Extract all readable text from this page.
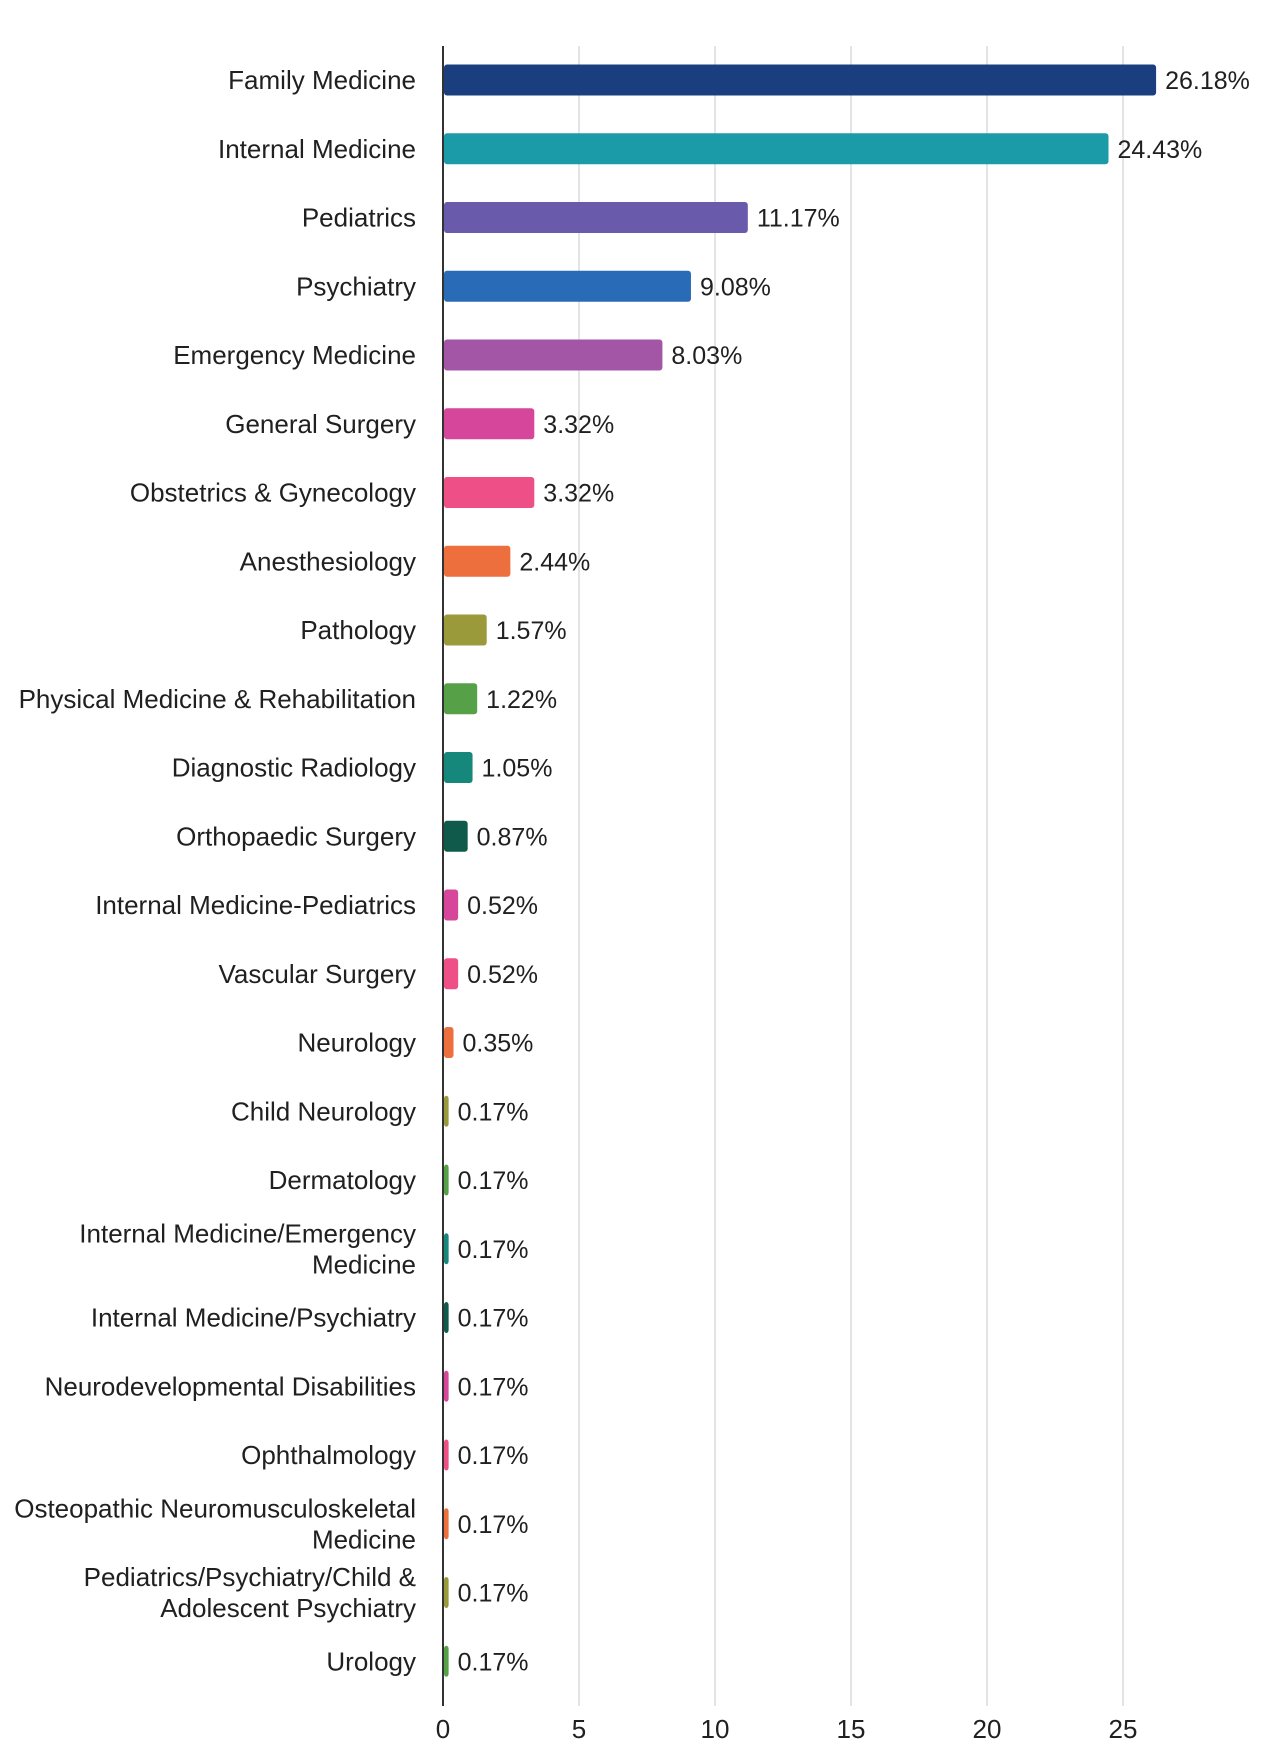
Family Medicine
Internal Medicine
Pediatrics
Psychiatry
Emergency Medicine
General Surgery
Obstetrics & Gynecology
Anesthesiology
Pathology
Physical Medicine & Rehabilitation
Diagnostic Radiology
Orthopaedic Surgery
Internal Medicine-Pediatrics
Vascular Surgery
Neurology
Child Neurology
Dermatology
Internal Medicine/Emergency Medicine
Internal Medicine/Psychiatry
Neurodevelopmental Disabilities
Ophthalmology
Osteopathic Neuromusculoskeletal Medicine
Pediatrics/Psychiatry/Child & Adolescent Psychiatry
Urology
26.18%
24.43%
11.17%
9.08%
8.03%
3.32%
3.32%
2.44%
1.57%
1.22%
1.05%
0.87%
0.52%
0.52%
0.35%
0.17%
0.17%
0.17%
0.17%
0.17%
0.17%
0.17%
0.17%
0.17%
0	5	10	15	20	25
